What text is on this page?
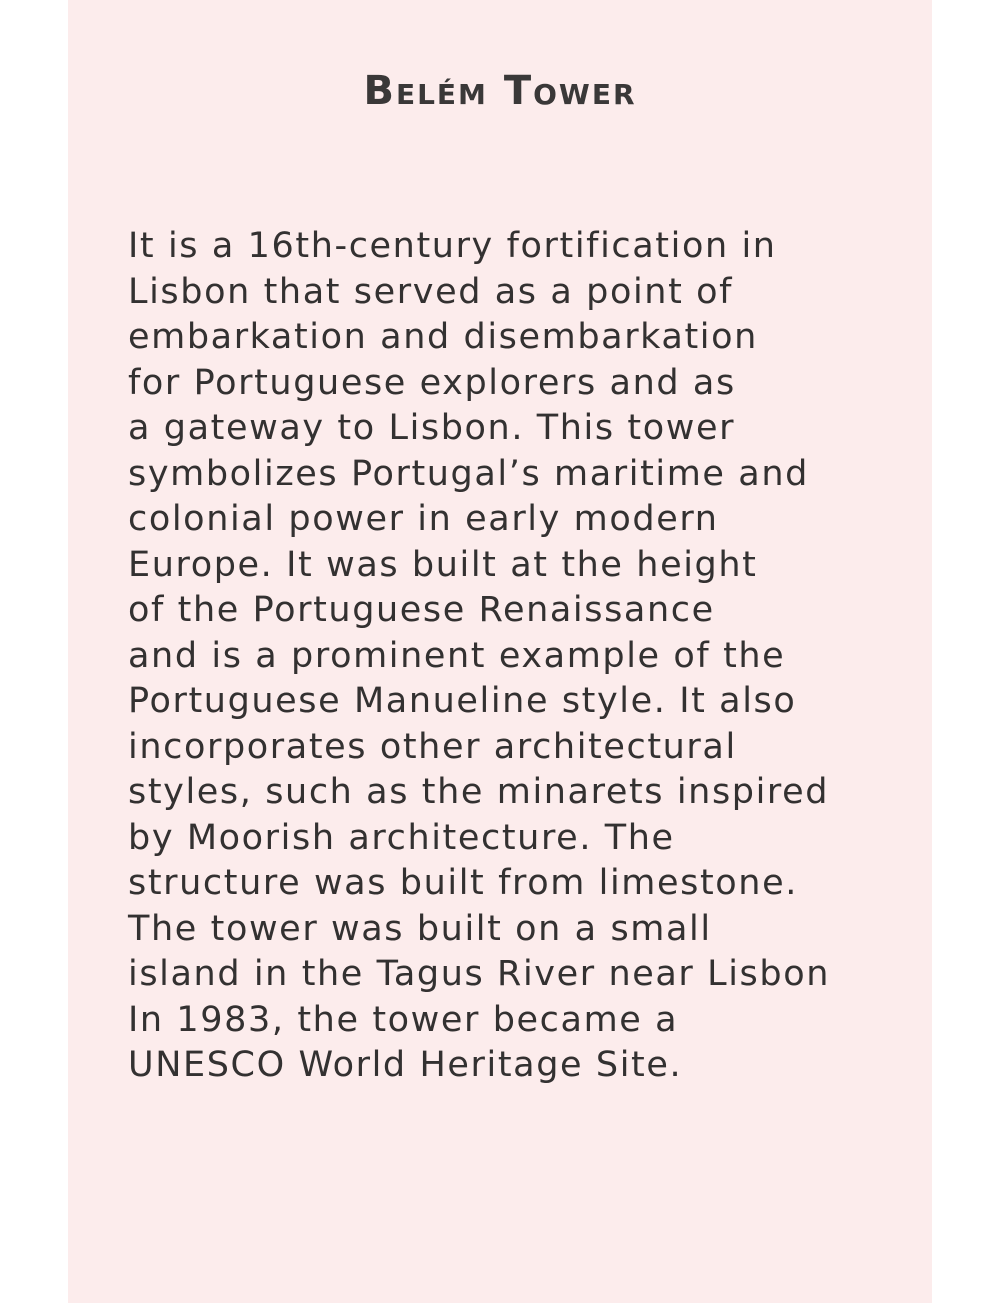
Belém Tower

It is a 16th-century fortification in
Lisbon that served as a point of
embarkation and disembarkation
for Portuguese explorers and as
a gateway to Lisbon. This tower
symbolizes Portugal’s maritime and
colonial power in early modern
Europe. It was built at the height
of the Portuguese Renaissance
and is a prominent example of the
Portuguese Manueline style. It also
incorporates other architectural
styles, such as the minarets inspired
by Moorish architecture. The
structure was built from limestone.
The tower was built on a small
island in the Tagus River near Lisbon
In 1983, the tower became a
UNESCO World Heritage Site.
